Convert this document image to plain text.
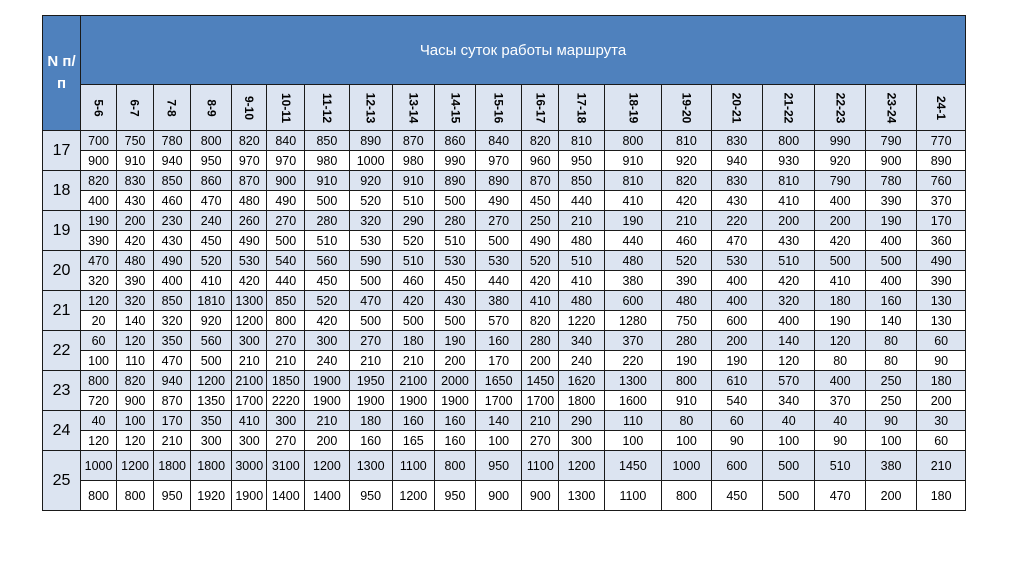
N п/п	Часы суток работы маршрута																			
	5-6	6-7	7-8	8-9	9-10	10-11	11-12	12-13	13-14	14-15	15-16	16-17	17-18	18-19	19-20	20-21	21-22	22-23	23-24	24-1
17	700	750	780	800	820	840	850	890	870	860	840	820	810	800	810	830	800	990	790	770
	900	910	940	950	970	970	980	1000	980	990	970	960	950	910	920	940	930	920	900	890
18	820	830	850	860	870	900	910	920	910	890	890	870	850	810	820	830	810	790	780	760
	400	430	460	470	480	490	500	520	510	500	490	450	440	410	420	430	410	400	390	370
19	190	200	230	240	260	270	280	320	290	280	270	250	210	190	210	220	200	200	190	170
	390	420	430	450	490	500	510	530	520	510	500	490	480	440	460	470	430	420	400	360
20	470	480	490	520	530	540	560	590	510	530	530	520	510	480	520	530	510	500	500	490
	320	390	400	410	420	440	450	500	460	450	440	420	410	380	390	400	420	410	400	390
21	120	320	850	1810	1300	850	520	470	420	430	380	410	480	600	480	400	320	180	160	130
	20	140	320	920	1200	800	420	500	500	500	570	820	1220	1280	750	600	400	190	140	130
22	60	120	350	560	300	270	300	270	180	190	160	280	340	370	280	200	140	120	80	60
	100	110	470	500	210	210	240	210	210	200	170	200	240	220	190	190	120	80	80	90
23	800	820	940	1200	2100	1850	1900	1950	2100	2000	1650	1450	1620	1300	800	610	570	400	250	180
	720	900	870	1350	1700	2220	1900	1900	1900	1900	1700	1700	1800	1600	910	540	340	370	250	200
24	40	100	170	350	410	300	210	180	160	160	140	210	290	110	80	60	40	40	90	30
	120	120	210	300	300	270	200	160	165	160	100	270	300	100	100	90	100	90	100	60
25	1000	1200	1800	1800	3000	3100	1200	1300	1100	800	950	1100	1200	1450	1000	600	500	510	380	210
	800	800	950	1920	1900	1400	1400	950	1200	950	900	900	1300	1100	800	450	500	470	200	180
